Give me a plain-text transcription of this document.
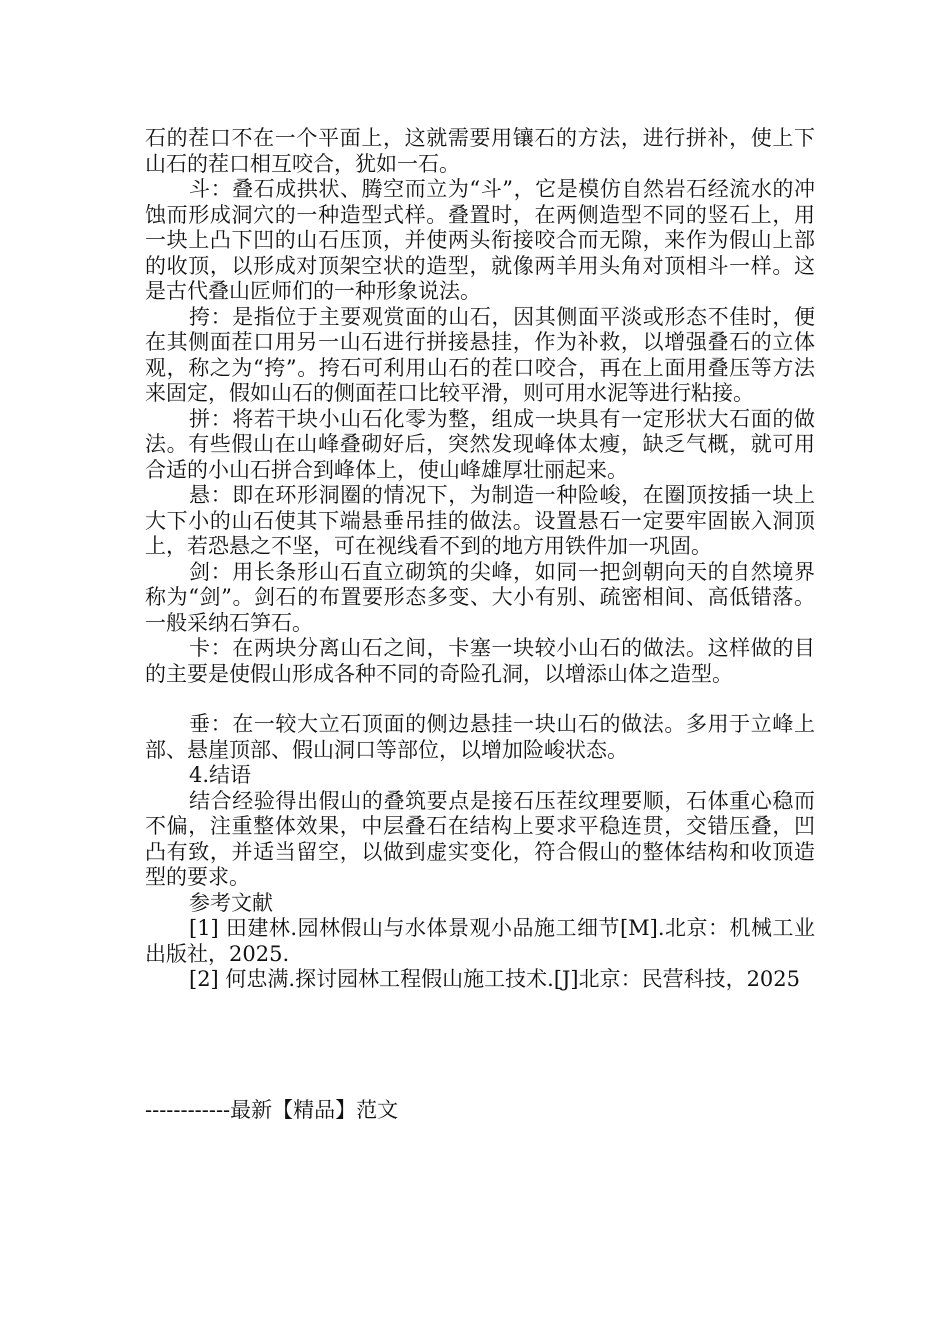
石的茬口不在一个平面上，这就需要用镶石的方法，进行拼补，使上下山石的茬口相互咬合，犹如一石。

斗：叠石成拱状、腾空而立为“斗”，它是模仿自然岩石经流水的冲蚀而形成洞穴的一种造型式样。叠置时，在两侧造型不同的竖石上，用一块上凸下凹的山石压顶，并使两头衔接咬合而无隙，来作为假山上部的收顶，以形成对顶架空状的造型，就像两羊用头角对顶相斗一样。这是古代叠山匠师们的一种形象说法。

挎：是指位于主要观赏面的山石，因其侧面平淡或形态不佳时，便在其侧面茬口用另一山石进行拼接悬挂，作为补救，以增强叠石的立体观，称之为“挎”。挎石可利用山石的茬口咬合，再在上面用叠压等方法来固定，假如山石的侧面茬口比较平滑，则可用水泥等进行粘接。

拼：将若干块小山石化零为整，组成一块具有一定形状大石面的做法。有些假山在山峰叠砌好后，突然发现峰体太瘦，缺乏气概，就可用合适的小山石拼合到峰体上，使山峰雄厚壮丽起来。

悬：即在环形洞圈的情况下，为制造一种险峻，在圈顶按插一块上大下小的山石使其下端悬垂吊挂的做法。设置悬石一定要牢固嵌入洞顶上，若恐悬之不坚，可在视线看不到的地方用铁件加一巩固。

剑：用长条形山石直立砌筑的尖峰，如同一把剑朝向天的自然境界称为“剑”。剑石的布置要形态多变、大小有别、疏密相间、高低错落。一般采纳石笋石。

卡：在两块分离山石之间，卡塞一块较小山石的做法。这样做的目的主要是使假山形成各种不同的奇险孔洞，以增添山体之造型。

垂：在一较大立石顶面的侧边悬挂一块山石的做法。多用于立峰上部、悬崖顶部、假山洞口等部位，以增加险峻状态。

4.结语

结合经验得出假山的叠筑要点是接石压茬纹理要顺，石体重心稳而不偏，注重整体效果，中层叠石在结构上要求平稳连贯，交错压叠，凹凸有致，并适当留空，以做到虚实变化，符合假山的整体结构和收顶造型的要求。

参考文献

[1] 田建林.园林假山与水体景观小品施工细节[M].北京：机械工业出版社，2025.

[2] 何忠满.探讨园林工程假山施工技术.[J]北京：民营科技，2025

------------最新【精品】范文
